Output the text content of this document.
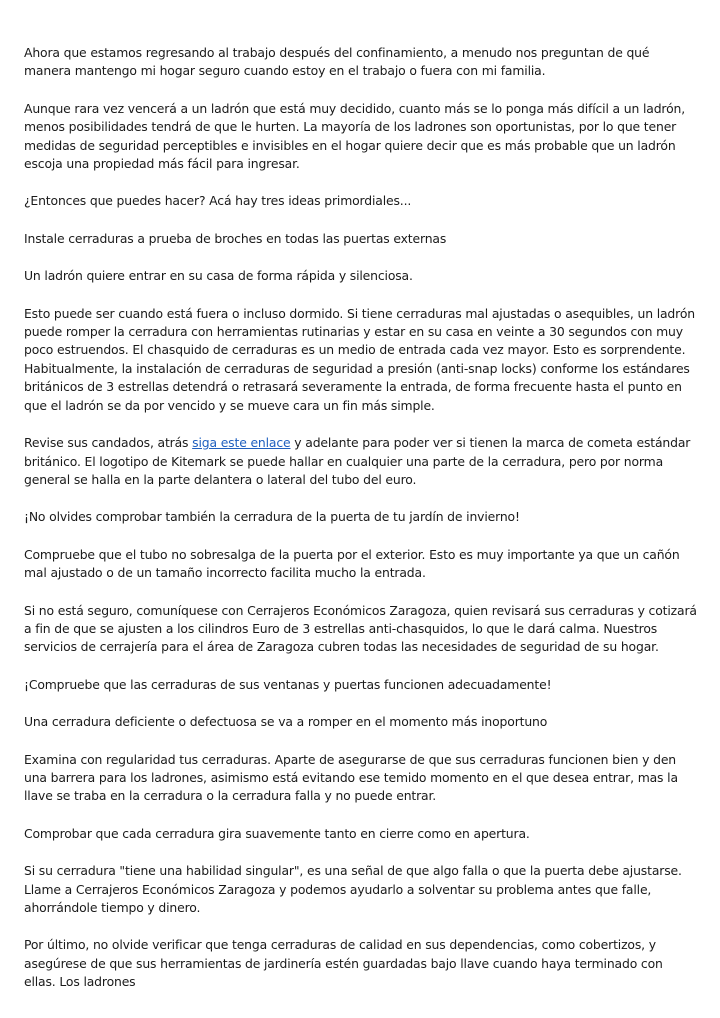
Ahora que estamos regresando al trabajo después del confinamiento, a menudo nos preguntan de qué manera mantengo mi hogar seguro cuando estoy en el trabajo o fuera con mi familia.

Aunque rara vez vencerá a un ladrón que está muy decidido, cuanto más se lo ponga más difícil a un ladrón, menos posibilidades tendrá de que le hurten. La mayoría de los ladrones son oportunistas, por lo que tener medidas de seguridad perceptibles e invisibles en el hogar quiere decir que es más probable que un ladrón escoja una propiedad más fácil para ingresar.

¿Entonces que puedes hacer? Acá hay tres ideas primordiales...

Instale cerraduras a prueba de broches en todas las puertas externas

Un ladrón quiere entrar en su casa de forma rápida y silenciosa.

Esto puede ser cuando está fuera o incluso dormido. Si tiene cerraduras mal ajustadas o asequibles, un ladrón puede romper la cerradura con herramientas rutinarias y estar en su casa en veinte a 30 segundos con muy poco estruendos. El chasquido de cerraduras es un medio de entrada cada vez mayor. Esto es sorprendente. Habitualmente, la instalación de cerraduras de seguridad a presión (anti-snap locks) conforme los estándares británicos de 3 estrellas detendrá o retrasará severamente la entrada, de forma frecuente hasta el punto en que el ladrón se da por vencido y se mueve cara un fin más simple.

Revise sus candados, atrás siga este enlace y adelante para poder ver si tienen la marca de cometa estándar británico. El logotipo de Kitemark se puede hallar en cualquier una parte de la cerradura, pero por norma general se halla en la parte delantera o lateral del tubo del euro.

¡No olvides comprobar también la cerradura de la puerta de tu jardín de invierno!

Compruebe que el tubo no sobresalga de la puerta por el exterior. Esto es muy importante ya que un cañón mal ajustado o de un tamaño incorrecto facilita mucho la entrada.

Si no está seguro, comuníquese con Cerrajeros Económicos Zaragoza, quien revisará sus cerraduras y cotizará a fin de que se ajusten a los cilindros Euro de 3 estrellas anti-chasquidos, lo que le dará calma. Nuestros servicios de cerrajería para el área de Zaragoza cubren todas las necesidades de seguridad de su hogar.

¡Compruebe que las cerraduras de sus ventanas y puertas funcionen adecuadamente!

Una cerradura deficiente o defectuosa se va a romper en el momento más inoportuno

Examina con regularidad tus cerraduras. Aparte de asegurarse de que sus cerraduras funcionen bien y den una barrera para los ladrones, asimismo está evitando ese temido momento en el que desea entrar, mas la llave se traba en la cerradura o la cerradura falla y no puede entrar.

Comprobar que cada cerradura gira suavemente tanto en cierre como en apertura.

Si su cerradura "tiene una habilidad singular", es una señal de que algo falla o que la puerta debe ajustarse. Llame a Cerrajeros Económicos Zaragoza y podemos ayudarlo a solventar su problema antes que falle, ahorrándole tiempo y dinero.

Por último, no olvide verificar que tenga cerraduras de calidad en sus dependencias, como cobertizos, y asegúrese de que sus herramientas de jardinería estén guardadas bajo llave cuando haya terminado con ellas. Los ladrones
